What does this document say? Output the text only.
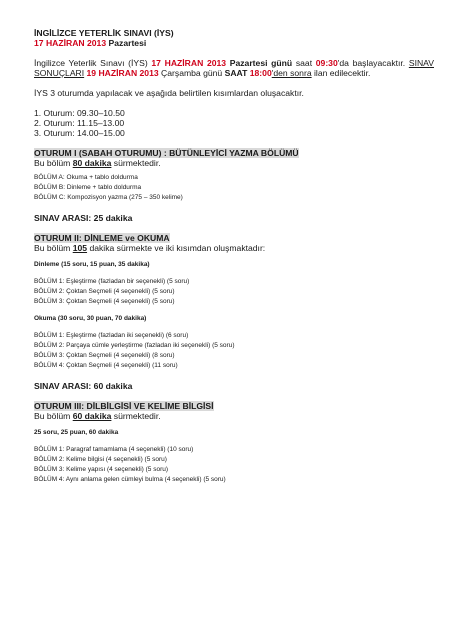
İNGİLİZCE YETERLİK SINAVI (İYS)

17 HAZİRAN 2013 Pazartesi

İngilizce Yeterlik Sınavı (İYS) 17 HAZİRAN 2013 Pazartesi günü saat 09:30'da başlayacaktır. SINAV SONUÇLARI 19 HAZİRAN 2013 Çarşamba günü SAAT 18:00'den sonra ilan edilecektir.

İYS 3 oturumda yapılacak ve aşağıda belirtilen kısımlardan oluşacaktır.

1. Oturum: 09.30–10.50

2. Oturum: 11.15–13.00

3. Oturum: 14.00–15.00

OTURUM I (SABAH OTURUMU) : BÜTÜNLEYİCİ YAZMA BÖLÜMÜ

Bu bölüm 80 dakika sürmektedir.

BÖLÜM A: Okuma + tablo doldurma

BÖLÜM B: Dinleme + tablo doldurma

BÖLÜM C: Kompozisyon yazma (275 – 350 kelime)

SINAV ARASI: 25 dakika

OTURUM II: DİNLEME ve OKUMA

Bu bölüm 105 dakika sürmekte ve iki kısımdan oluşmaktadır:

Dinleme (15 soru, 15 puan, 35 dakika)

BÖLÜM 1: Eşleştirme (fazladan bir seçenekli) (5 soru)

BÖLÜM 2: Çoktan Seçmeli (4 seçenekli) (5 soru)

BÖLÜM 3: Çoktan Seçmeli (4 seçenekli) (5 soru)

Okuma (30 soru, 30 puan, 70 dakika)

BÖLÜM 1: Eşleştirme (fazladan iki seçenekli) (6 soru)

BÖLÜM 2: Parçaya cümle yerleştirme (fazladan iki seçenekli) (5 soru)

BÖLÜM 3: Çoktan Seçmeli (4 seçenekli) (8 soru)

BÖLÜM 4: Çoktan Seçmeli (4 seçenekli) (11 soru)

SINAV ARASI: 60 dakika

OTURUM III: DİLBİLGİSİ VE KELİME BİLGİSİ

Bu bölüm 60 dakika sürmektedir.

25 soru, 25 puan, 60 dakika

BÖLÜM 1: Paragraf tamamlama (4 seçenekli) (10 soru)

BÖLÜM 2: Kelime bilgisi (4 seçenekli) (5 soru)

BÖLÜM 3: Kelime yapısı (4 seçenekli) (5 soru)

BÖLÜM 4: Aynı anlama gelen cümleyi bulma (4 seçenekli) (5 soru)
